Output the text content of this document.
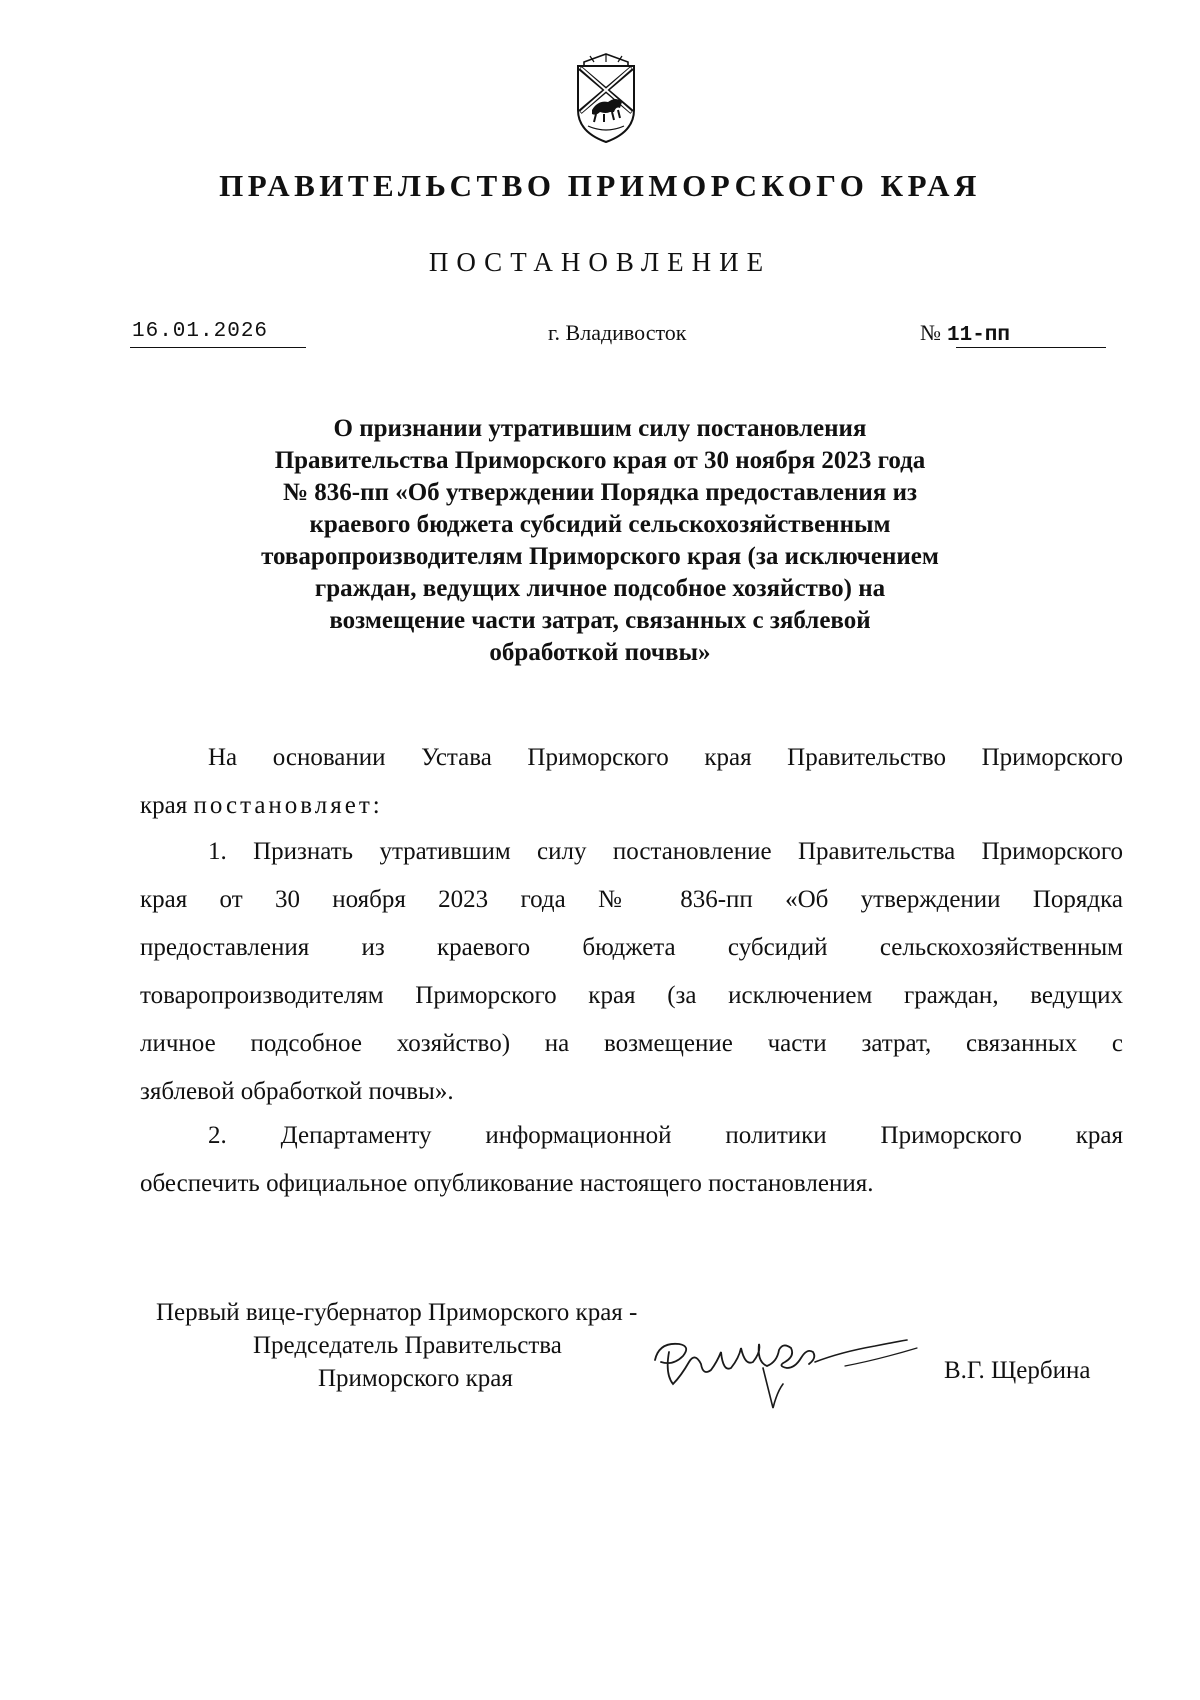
ПРАВИТЕЛЬСТВО ПРИМОРСКОГО КРАЯ
ПОСТАНОВЛЕНИЕ
16.01.2026	г. Владивосток	№ 11-пп
О признании утратившим силу постановления
Правительства Приморского края от 30 ноября 2023 года
№ 836-пп «Об утверждении Порядка предоставления из
краевого бюджета субсидий сельскохозяйственным
товаропроизводителям Приморского края (за исключением
граждан, ведущих личное подсобное хозяйство) на
возмещение части затрат, связанных с зяблевой
обработкой почвы»
На основании Устава Приморского края Правительство Приморского
края постановляет:
1. Признать утратившим силу постановление Правительства Приморского
края от 30 ноября 2023 года № 836-пп «Об утверждении Порядка
предоставления из краевого бюджета субсидий сельскохозяйственным
товаропроизводителям Приморского края (за исключением граждан, ведущих
личное подсобное хозяйство) на возмещение части затрат, связанных с
зяблевой обработкой почвы».
2. Департаменту информационной политики Приморского края
обеспечить официальное опубликование настоящего постановления.
Первый вице-губернатор Приморского края -
Председатель Правительства
Приморского края	В.Г. Щербина
